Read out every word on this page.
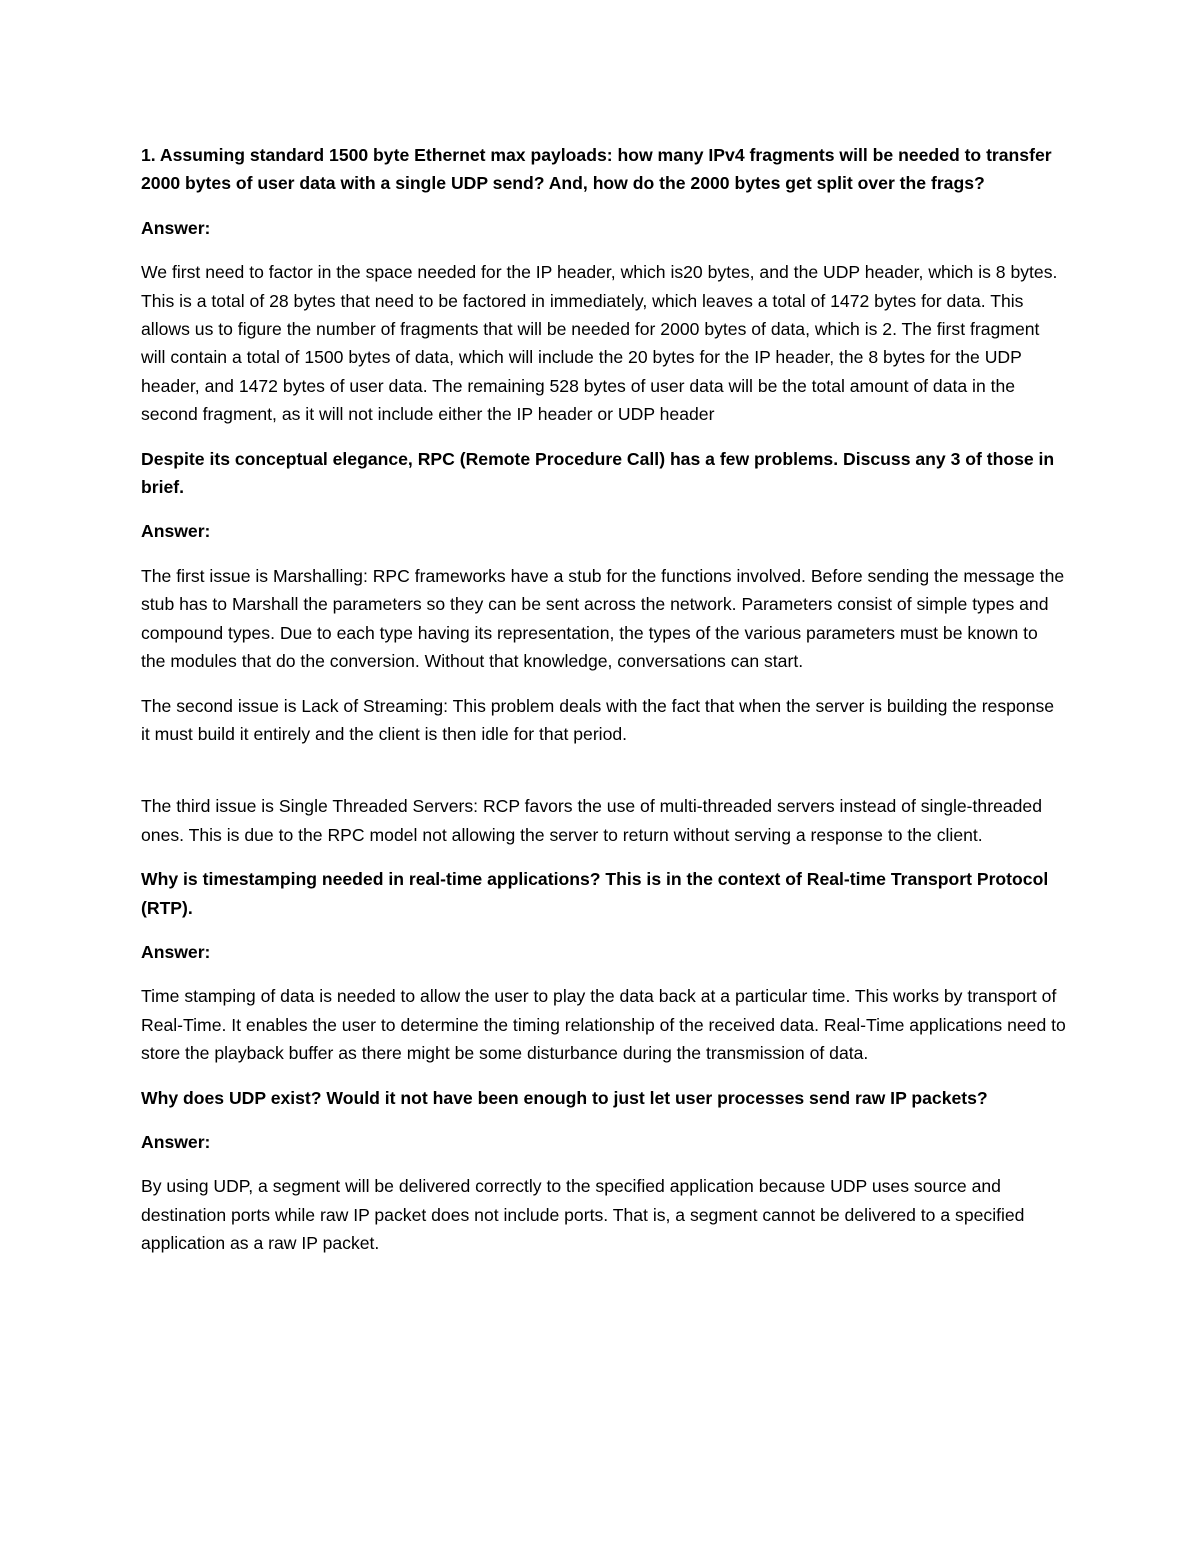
1. Assuming standard 1500 byte Ethernet max payloads: how many IPv4 fragments will be needed to transfer 2000 bytes of user data with a single UDP send? And, how do the 2000 bytes get split over the frags?

Answer:

We first need to factor in the space needed for the IP header, which is20 bytes, and the UDP header, which is 8 bytes. This is a total of 28 bytes that need to be factored in immediately, which leaves a total of 1472 bytes for data. This allows us to figure the number of fragments that will be needed for 2000 bytes of data, which is 2. The first fragment will contain a total of 1500 bytes of data, which will include the 20 bytes for the IP header, the 8 bytes for the UDP header, and 1472 bytes of user data. The remaining 528 bytes of user data will be the total amount of data in the second fragment, as it will not include either the IP header or UDP header

Despite its conceptual elegance, RPC (Remote Procedure Call) has a few problems. Discuss any 3 of those in brief.

Answer:

The first issue is Marshalling: RPC frameworks have a stub for the functions involved. Before sending the message the stub has to Marshall the parameters so they can be sent across the network. Parameters consist of simple types and compound types. Due to each type having its representation, the types of the various parameters must be known to the modules that do the conversion. Without that knowledge, conversations can start.

The second issue is Lack of Streaming: This problem deals with the fact that when the server is building the response it must build it entirely and the client is then idle for that period.

The third issue is Single Threaded Servers: RCP favors the use of multi-threaded servers instead of single-threaded ones. This is due to the RPC model not allowing the server to return without serving a response to the client.

Why is timestamping needed in real-time applications? This is in the context of Real-time Transport Protocol (RTP).

Answer:

Time stamping of data is needed to allow the user to play the data back at a particular time. This works by transport of Real-Time. It enables the user to determine the timing relationship of the received data. Real-Time applications need to store the playback buffer as there might be some disturbance during the transmission of data.

Why does UDP exist? Would it not have been enough to just let user processes send raw IP packets?

Answer:

By using UDP, a segment will be delivered correctly to the specified application because UDP uses source and destination ports while raw IP packet does not include ports. That is, a segment cannot be delivered to a specified application as a raw IP packet.
